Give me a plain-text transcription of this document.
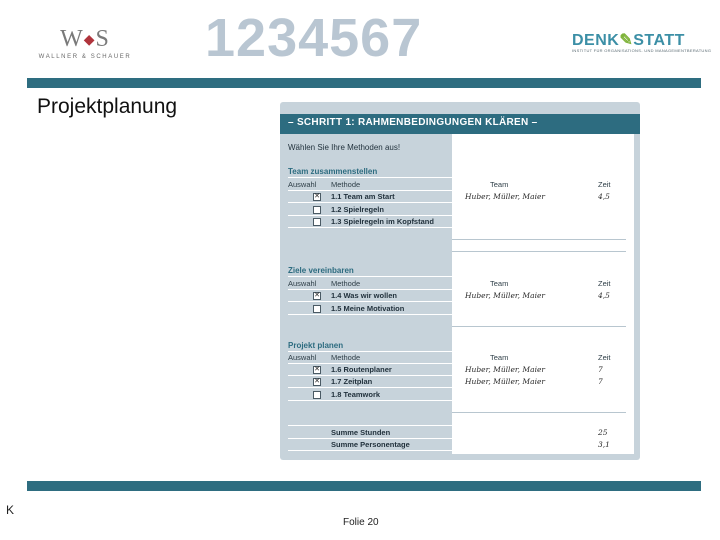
W◆S
WALLNER & SCHAUER 1234567	DENK✎STATT
INSTITUT FÜR ORGANISATIONS- UND MANAGEMENTBERATUNG
Projektplanung
– SCHRITT 1: RAHMENBEDINGUNGEN KLÄREN –
Wählen Sie Ihre Methoden aus!
Team zusammenstellen
Auswahl Methode	Team	Zeit
✕ 1.1 Team am Start	Huber, Müller, Maier	4,5
1.2 Spielregeln
1.3 Spielregeln im Kopfstand
Ziele vereinbaren
Auswahl Methode	Team	Zeit
✕ 1.4 Was wir wollen	Huber, Müller, Maier	4,5
1.5 Meine Motivation
Projekt planen
Auswahl Methode	Team	Zeit
✕ 1.6 Routenplaner	Huber, Müller, Maier	7
✕ 1.7 Zeitplan	Huber, Müller, Maier	7
1.8 Teamwork
Summe Stunden	25
Summe Personentage	3,1
K
Folie 20
